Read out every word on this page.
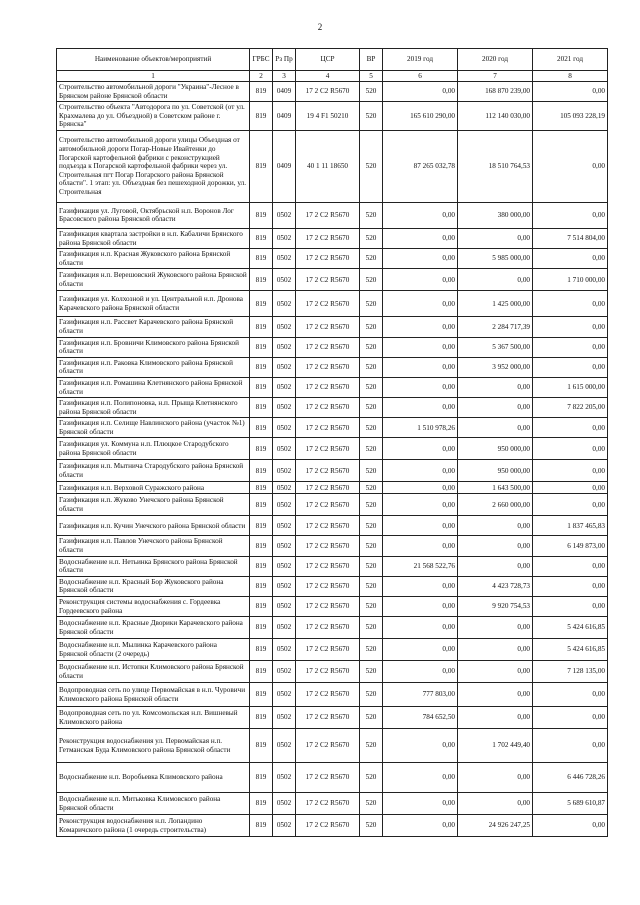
2
Наименование объектов/мероприятий	ГРБС	Рз Пр	ЦСР	ВР	2019 год	2020 год	2021 год
1	2	3	4	5	6	7	8
Строительство автомобильной дороги "Украина"-Лесное в Брянском районе Брянской области	819	0409	17 2 С2 R5670	520	0,00	168 870 239,00	0,00
Строительство объекта "Автодорога по ул. Советской (от ул. Крахмалева до ул. Объездной) в Советском районе г. Брянска"	819	0409	19 4 F1 50210	520	165 610 290,00	112 140 030,00	105 093 228,19
Строительство автомобильной дороги улицы Объездная от автомобильной дороги Погар-Новые Ивайтенки до Погарской картофельной фабрики с реконструкцией подъезда к Погарской картофельной фабрики через ул. Строительная пгт Погар Погарского района Брянской области". 1 этап: ул. Объездная без пешеходной дорожки, ул. Строительная	819	0409	40 1 11 18650	520	87 265 032,78	18 510 764,53	0,00
Газификация ул. Луговой, Октябрьской н.п. Воронов Лог Брасовского района Брянской области	819	0502	17 2 С2 R5670	520	0,00	380 000,00	0,00
Газификация квартала застройки в н.п. Кабаличи Брянского района Брянской области	819	0502	17 2 С2 R5670	520	0,00	0,00	7 514 804,00
Газификация н.п. Красная Жуковского района Брянской области	819	0502	17 2 С2 R5670	520	0,00	5 985 000,00	0,00
Газификация н.п. Верешовский Жуковского района Брянской области	819	0502	17 2 С2 R5670	520	0,00	0,00	1 710 000,00
Газификация ул. Колхозной и ул. Центральной н.п. Дронова Карачевского района Брянской области	819	0502	17 2 С2 R5670	520	0,00	1 425 000,00	0,00
Газификация н.п. Рассвет Карачевского района Брянской области	819	0502	17 2 С2 R5670	520	0,00	2 284 717,39	0,00
Газификация н.п. Бровничи Климовского района Брянской области	819	0502	17 2 С2 R5670	520	0,00	5 367 500,00	0,00
Газификация н.п. Раковка Климовского района Брянской области	819	0502	17 2 С2 R5670	520	0,00	3 952 000,00	0,00
Газификация н.п. Ромашина Клетнянского района Брянской области	819	0502	17 2 С2 R5670	520	0,00	0,00	1 615 000,00
Газификация н.п. Полипоновка, н.п. Прыща Клетнянского района Брянской области	819	0502	17 2 С2 R5670	520	0,00	0,00	7 822 205,00
Газификация н.п. Селище Навлинского района (участок №1) Брянской области	819	0502	17 2 С2 R5670	520	1 510 978,26	0,00	0,00
Газификация ул. Коммуна н.п. Плюцкое Стародубского района Брянской области	819	0502	17 2 С2 R5670	520	0,00	950 000,00	0,00
Газификация н.п. Мытнича Стародубского района Брянской области	819	0502	17 2 С2 R5670	520	0,00	950 000,00	0,00
Газификация н.п. Верховой Суражского района	819	0502	17 2 С2 R5670	520	0,00	1 643 500,00	0,00
Газификация н.п. Жуково Унечского района Брянской области	819	0502	17 2 С2 R5670	520	0,00	2 660 000,00	0,00
Газификация н.п. Кучин Унечского района Брянской области	819	0502	17 2 С2 R5670	520	0,00	0,00	1 837 465,83
Газификация н.п. Павлов Унечского района Брянской области	819	0502	17 2 С2 R5670	520	0,00	0,00	6 149 873,00
Водоснабжение н.п. Нетьинка Брянского района Брянской области	819	0502	17 2 С2 R5670	520	21 568 522,76	0,00	0,00
Водоснабжение н.п. Красный Бор Жуковского района Брянской области	819	0502	17 2 С2 R5670	520	0,00	4 423 728,73	0,00
Реконструкция системы водоснабжения с. Гордеевка Гордеевского района	819	0502	17 2 С2 R5670	520	0,00	9 920 754,53	0,00
Водоснабжение н.п. Красные Дворики Карачевского района Брянской области	819	0502	17 2 С2 R5670	520	0,00	0,00	5 424 616,85
Водоснабжение н.п. Мылинка Карачевского района Брянской области (2 очередь)	819	0502	17 2 С2 R5670	520	0,00	0,00	5 424 616,85
Водоснабжение н.п. Истопки Климовского района Брянской области	819	0502	17 2 С2 R5670	520	0,00	0,00	7 128 135,00
Водопроводная сеть по улице Первомайская в н.п. Чуровичи Климовского района Брянской области	819	0502	17 2 С2 R5670	520	777 803,00	0,00	0,00
Водопроводная сеть по ул. Комсомольская н.п. Вишневый Климовского района	819	0502	17 2 С2 R5670	520	784 652,50	0,00	0,00
Реконструкция водоснабжения ул. Первомайская н.п. Гетманская Буда Климовского района Брянской области	819	0502	17 2 С2 R5670	520	0,00	1 702 449,40	0,00
Водоснабжение н.п. Воробьевка Климовского района	819	0502	17 2 С2 R5670	520	0,00	0,00	6 446 728,26
Водоснабжение н.п. Митьковка Климовского района Брянской области	819	0502	17 2 С2 R5670	520	0,00	0,00	5 689 610,87
Реконструкция водоснабжения н.п. Лопандино Комаричского района (1 очередь строительства)	819	0502	17 2 С2 R5670	520	0,00	24 926 247,25	0,00
